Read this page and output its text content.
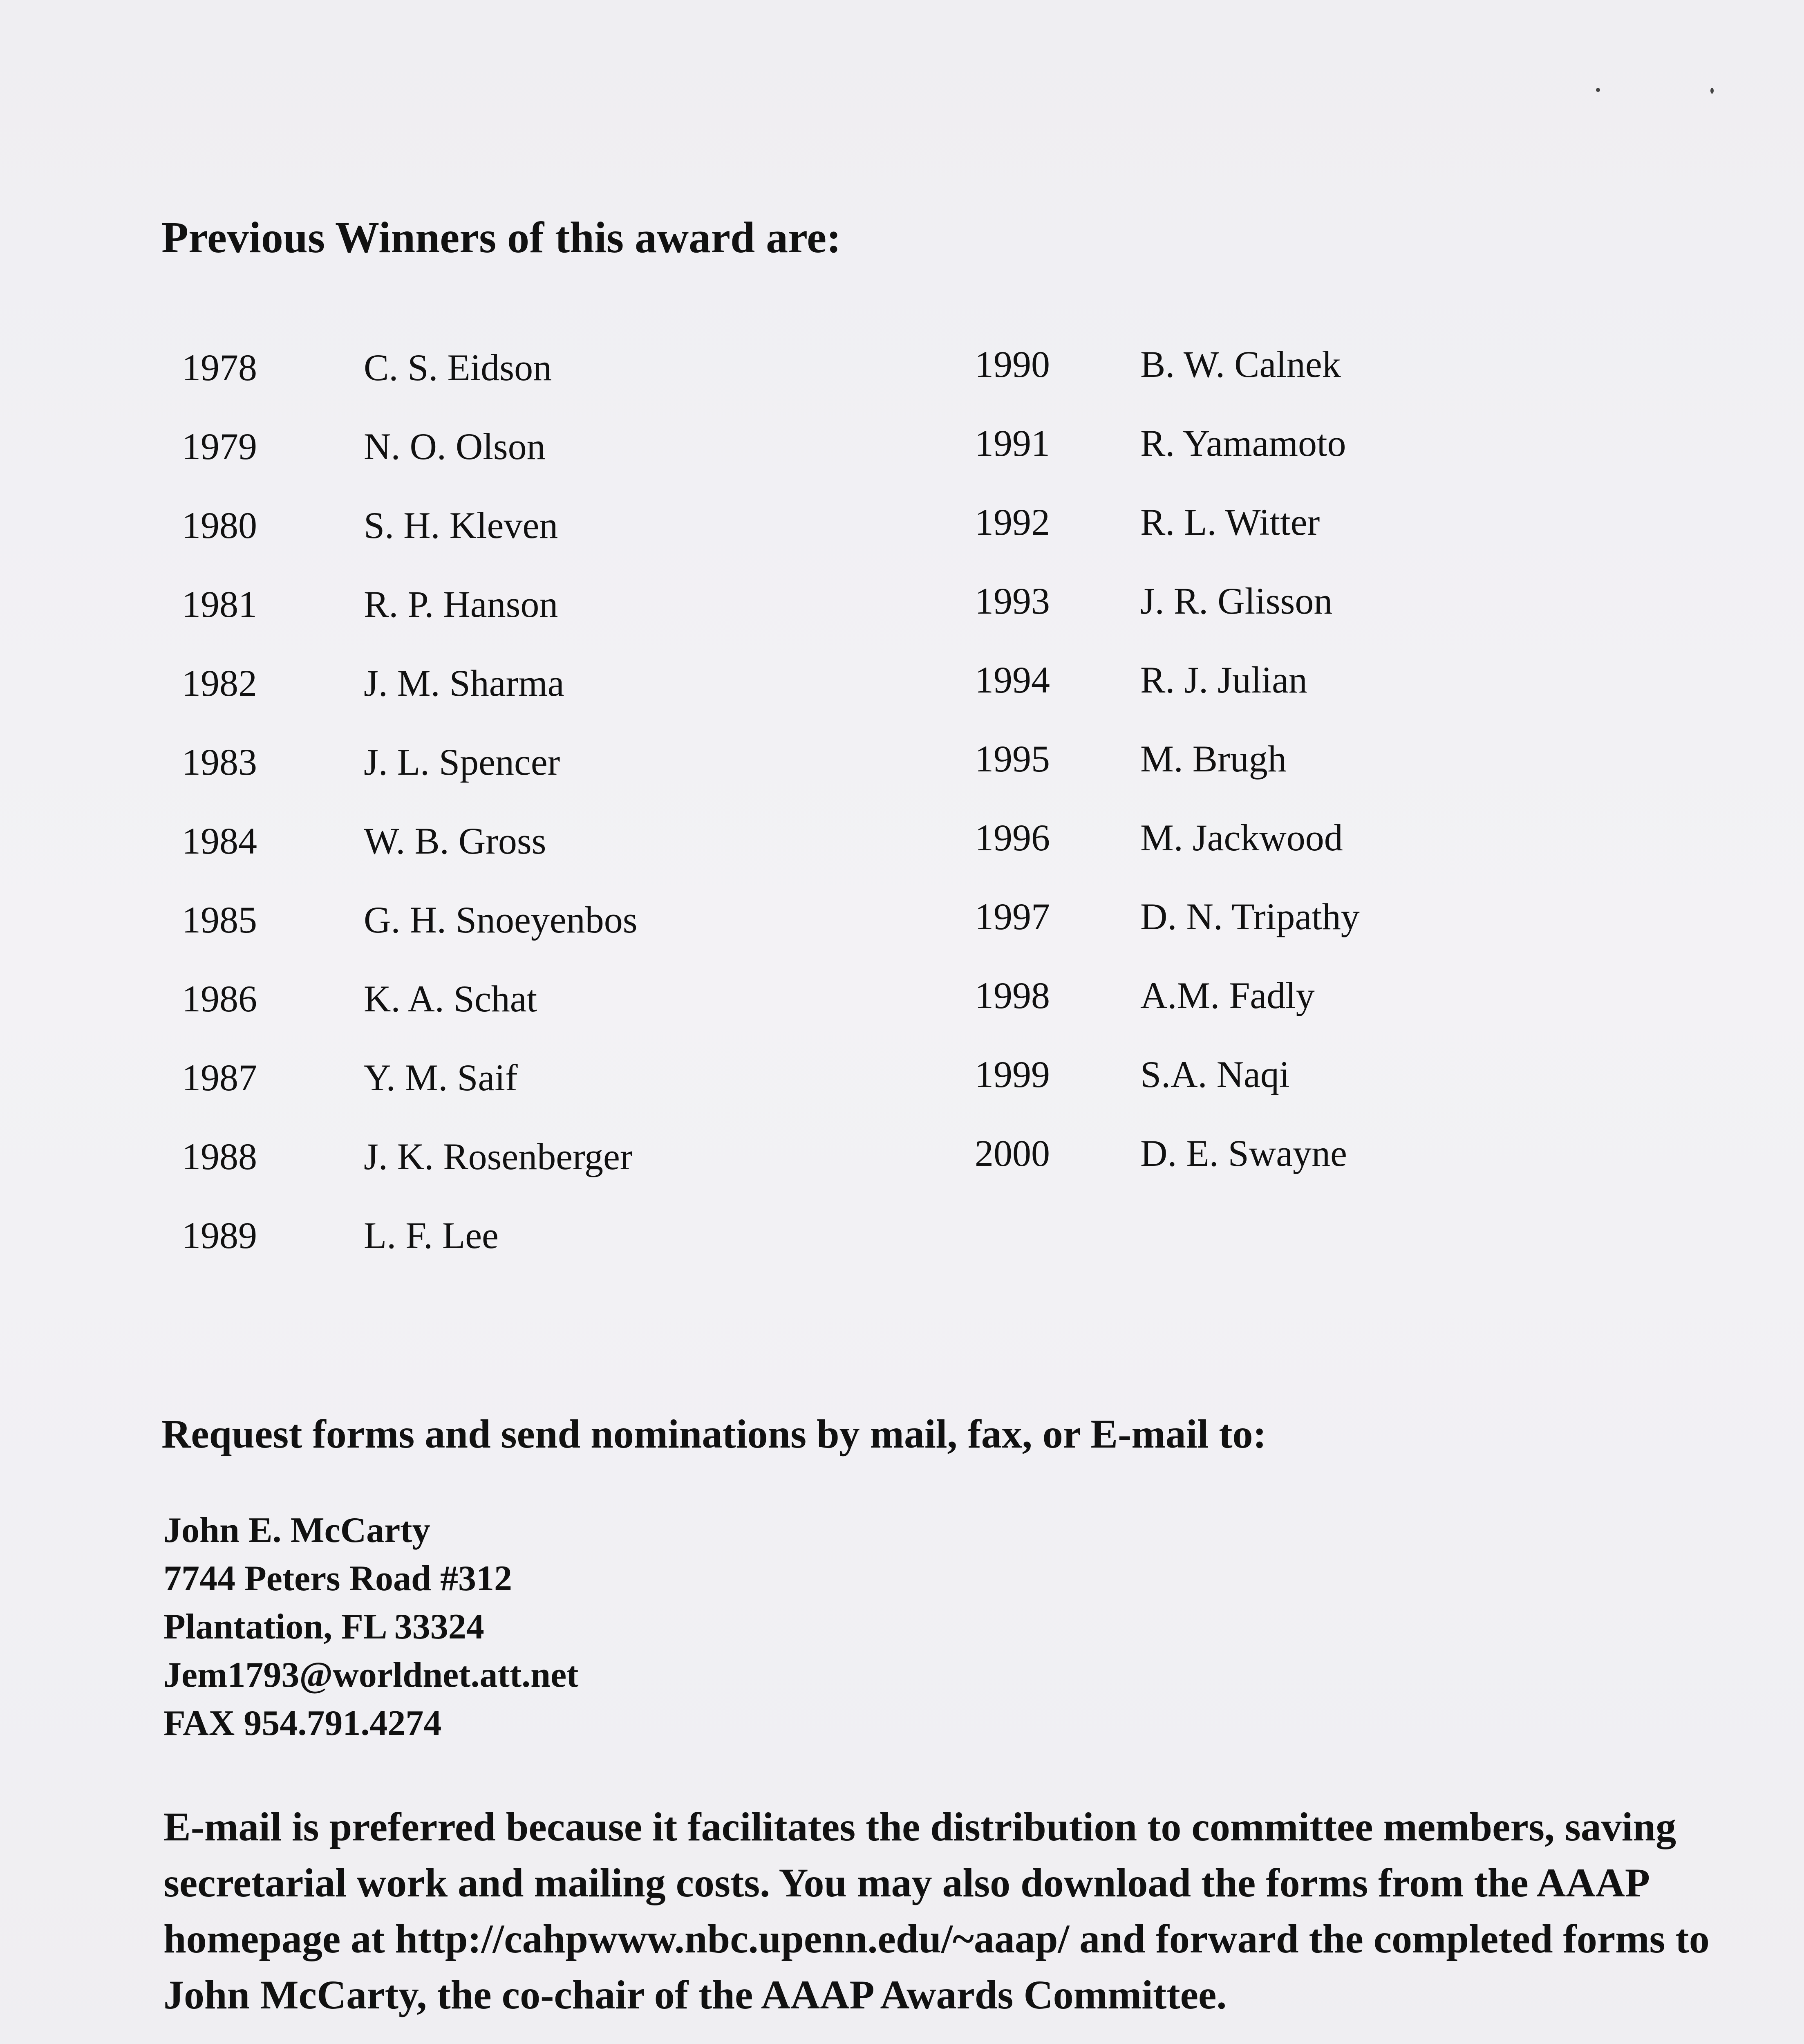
Previous Winners of this award are:
1978	C. S. Eidson
1979	N. O. Olson
1980	S. H. Kleven
1981	R. P. Hanson
1982	J. M. Sharma
1983	J. L. Spencer
1984	W. B. Gross
1985	G. H. Snoeyenbos
1986	K. A. Schat
1987	Y. M. Saif
1988	J. K. Rosenberger
1989	L. F. Lee
1990 B. W. Calnek
1991 R. Yamamoto
1992 R. L. Witter
1993 J. R. Glisson
1994 R. J. Julian
1995 M. Brugh
1996 M. Jackwood
1997 D. N. Tripathy
1998 A.M. Fadly
1999 S.A. Naqi
2000 D. E. Swayne
Request forms and send nominations by mail, fax, or E-mail to:
John E. McCarty
7744 Peters Road #312
Plantation, FL 33324
Jem1793@worldnet.att.net
FAX 954.791.4274
E-mail is preferred because it facilitates the distribution to committee members, saving secretarial work and mailing costs. You may also download the forms from the AAAP homepage at http://cahpwww.nbc.upenn.edu/~aaap/ and forward the completed forms to John McCarty, the co-chair of the AAAP Awards Committee.
